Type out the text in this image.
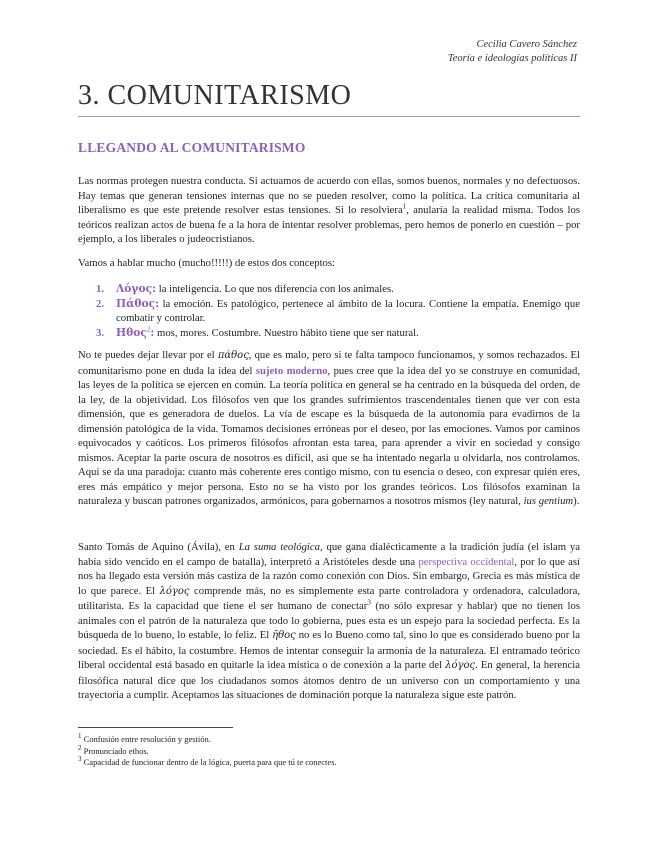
Cecilia Cavero Sánchez
Teoría e ideologías políticas II
3. COMUNITARISMO
LLEGANDO AL COMUNITARISMO
Las normas protegen nuestra conducta. Si actuamos de acuerdo con ellas, somos buenos, normales y no defectuosos. Hay temas que generan tensiones internas que no se pueden resolver, como la política. La crítica comunitaria al liberalismo es que este pretende resolver estas tensiones. Si lo resolviera$^1$, anularía la realidad misma. Todos los teóricos realizan actos de buena fe a la hora de intentar resolver problemas, pero hemos de ponerlo en cuestión – por ejemplo, a los liberales o judeocristianos.
Vamos a hablar mucho (mucho!!!!!) de estos dos conceptos:
1. Λόγος: la inteligencia. Lo que nos diferencia con los animales.
2. Πάθος: la emoción. Es patológico, pertenece al ámbito de la locura. Contiene la empatía. Enemigo que combatir y controlar.
3. Ηθος$^2$: mos, mores. Costumbre. Nuestro hábito tiene que ser natural.
No te puedes dejar llevar por el πάθος, que es malo, pero si te falta tampoco funcionamos, y somos rechazados. El comunitarismo pone en duda la idea del sujeto moderno, pues cree que la idea del yo se construye en comunidad, las leyes de la política se ejercen en común. La teoría política en general se ha centrado en la búsqueda del orden, de la ley, de la objetividad. Los filósofos ven que los grandes sufrimientos trascendentales tienen que ver con esta dimensión, que es generadora de duelos. La vía de escape es la búsqueda de la autonomía para evadirnos de la dimensión patológica de la vida. Tomamos decisiones erróneas por el deseo, por las emociones. Vamos por caminos equivocados y caóticos. Los primeros filósofos afrontan esta tarea, para aprender a vivir en sociedad y consigo mismos. Aceptar la parte oscura de nosotros es difícil, así que se ha intentado negarla u olvidarla, nos controlamos. Aquí se da una paradoja: cuanto más coherente eres contigo mismo, con tu esencia o deseo, con expresar quién eres, eres más empático y mejor persona. Esto no se ha visto por los grandes teóricos. Los filósofos examinan la naturaleza y buscan patrones organizados, armónicos, para gobernarnos a nosotros mismos (ley natural, ius gentium).
Santo Tomás de Aquino (Ávila), en La suma teológica, que gana dialécticamente a la tradición judía (el islam ya había sido vencido en el campo de batalla), interpretó a Aristóteles desde una perspectiva occidental, por lo que así nos ha llegado esta versión más castiza de la razón como conexión con Dios. Sin embargo, Grecia es más mística de lo que parece. El λόγος comprende más, no es simplemente esta parte controladora y ordenadora, calculadora, utilitarista. Es la capacidad que tiene el ser humano de conectar$^3$ (no sólo expresar y hablar) que no tienen los animales con el patrón de la naturaleza que todo lo gobierna, pues esta es un espejo para la sociedad perfecta. Es la búsqueda de lo bueno, lo estable, lo feliz. El ῆθος no es lo Bueno como tal, sino lo que es considerado bueno por la sociedad. Es el hábito, la costumbre. Hemos de intentar conseguir la armonía de la naturaleza. El entramado teórico liberal occidental está basado en quitarle la idea mística o de conexión a la parte del λόγος. En general, la herencia filosófica natural dice que los ciudadanos somos átomos dentro de un universo con un comportamiento y una trayectoria a cumplir. Aceptamos las situaciones de dominación porque la naturaleza sigue este patrón.
$^1$ Confusión entre resolución y gestión.
$^2$ Pronunciado ethos.
$^3$ Capacidad de funcionar dentro de la lógica, puerta para que tú te conectes.
